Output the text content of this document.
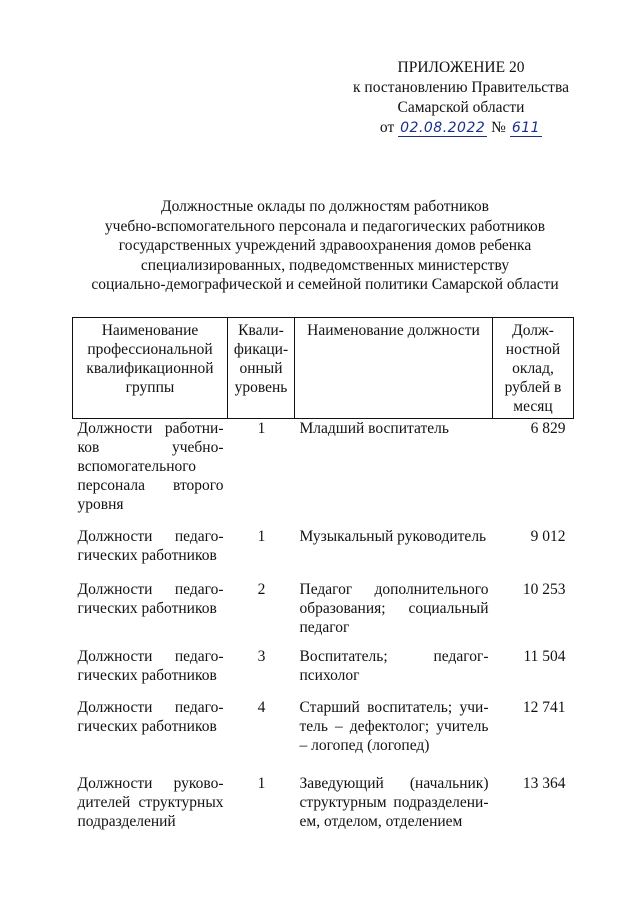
ПРИЛОЖЕНИЕ 20
к постановлению Правительства
Самарской области
от 02.08.2022 № 611
Должностные оклады по должностям работников
учебно-вспомогательного персонала и педагогических работников
государственных учреждений здравоохранения домов ребенка
специализированных, подведомственных министерству
социально-демографической и семейной политики Самарской области
Наименование профессиональной квалификационной группы	Квали-фикаци-онный уровень	Наименование должности	Долж-ностной оклад, рублей в месяц
Должности работни-ков учебно-вспомогательного персонала второго уровня	1	Младший воспитатель	6 829
Должности педаго-гических работников	1	Музыкальный руководитель	9 012
Должности педаго-гических работников	2	Педагог дополнительного образования; социальный педагог	10 253
Должности педаго-гических работников	3	Воспитатель; педагог-психолог	11 504
Должности педаго-гических работников	4	Старший воспитатель; учи-тель – дефектолог; учитель – логопед (логопед)	12 741
Должности руково-дителей структурных подразделений	1	Заведующий (начальник) структурным подразделени-ем, отделом, отделением	13 364
